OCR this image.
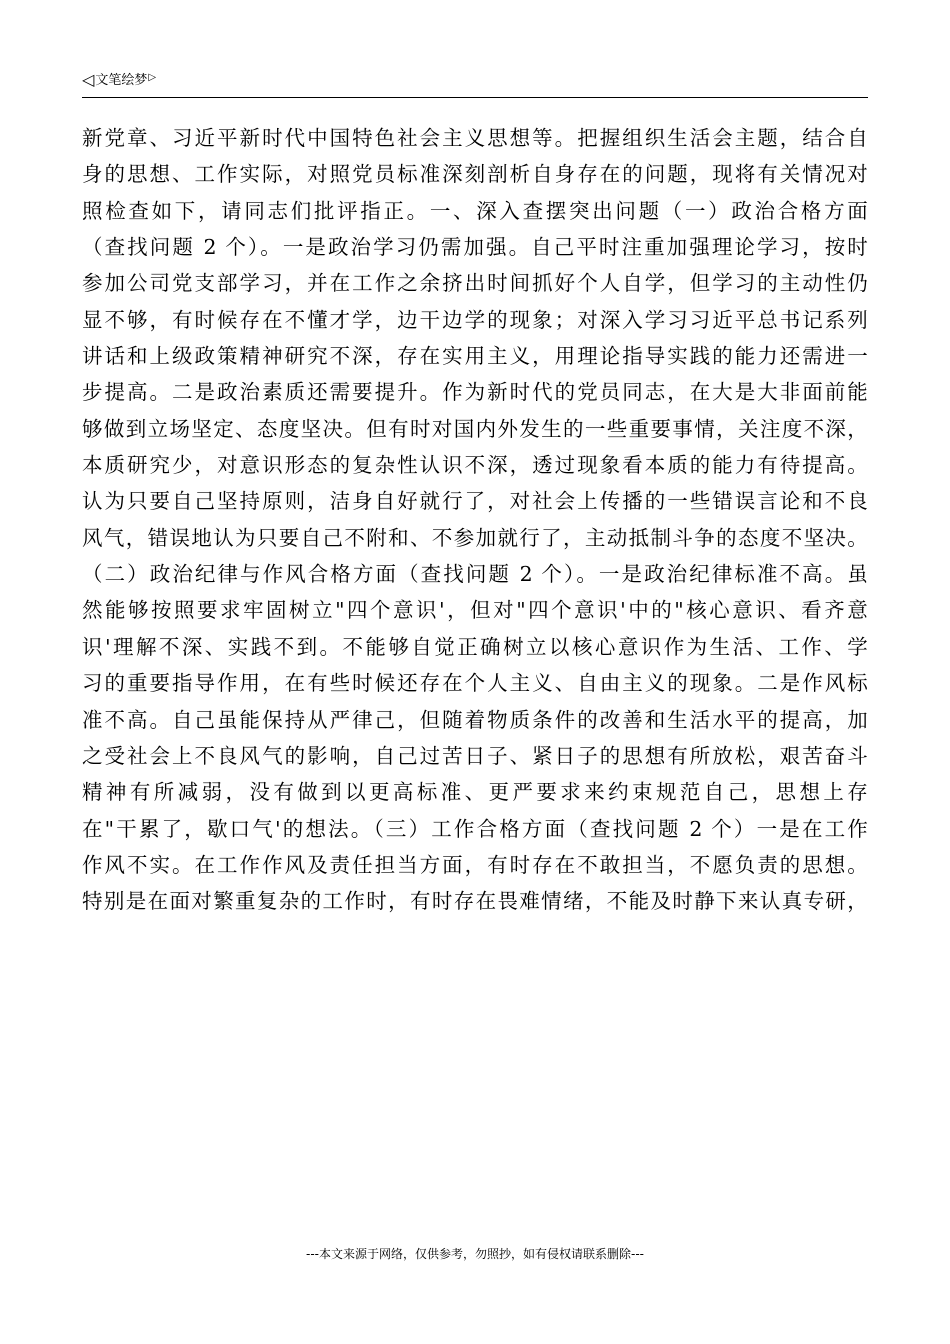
◁ 文笔绘梦 ▷
新党章、习近平新时代中国特色社会主义思想等。把握组织生活会主题，结合自
身的思想、工作实际，对照党员标准深刻剖析自身存在的问题，现将有关情况对
照检查如下，请同志们批评指正。一、深入查摆突出问题（一）政治合格方面
（查找问题 2 个）。一是政治学习仍需加强。自己平时注重加强理论学习，按时
参加公司党支部学习，并在工作之余挤出时间抓好个人自学，但学习的主动性仍
显不够，有时候存在不懂才学，边干边学的现象；对深入学习习近平总书记系列
讲话和上级政策精神研究不深，存在实用主义，用理论指导实践的能力还需进一
步提高。二是政治素质还需要提升。作为新时代的党员同志，在大是大非面前能
够做到立场坚定、态度坚决。但有时对国内外发生的一些重要事情，关注度不深，
本质研究少，对意识形态的复杂性认识不深，透过现象看本质的能力有待提高。
认为只要自己坚持原则，洁身自好就行了，对社会上传播的一些错误言论和不良
风气，错误地认为只要自己不附和、不参加就行了，主动抵制斗争的态度不坚决。
（二）政治纪律与作风合格方面（查找问题 2 个）。一是政治纪律标准不高。虽
然能够按照要求牢固树立"四个意识'，但对"四个意识'中的"核心意识、看齐意
识'理解不深、实践不到。不能够自觉正确树立以核心意识作为生活、工作、学
习的重要指导作用，在有些时候还存在个人主义、自由主义的现象。二是作风标
准不高。自己虽能保持从严律己，但随着物质条件的改善和生活水平的提高，加
之受社会上不良风气的影响，自己过苦日子、紧日子的思想有所放松，艰苦奋斗
精神有所减弱，没有做到以更高标准、更严要求来约束规范自己，思想上存
在"干累了，歇口气'的想法。（三）工作合格方面（查找问题 2 个）一是在工作
作风不实。在工作作风及责任担当方面，有时存在不敢担当，不愿负责的思想。
特别是在面对繁重复杂的工作时，有时存在畏难情绪，不能及时静下来认真专研，
---本文来源于网络，仅供参考，勿照抄，如有侵权请联系删除---
